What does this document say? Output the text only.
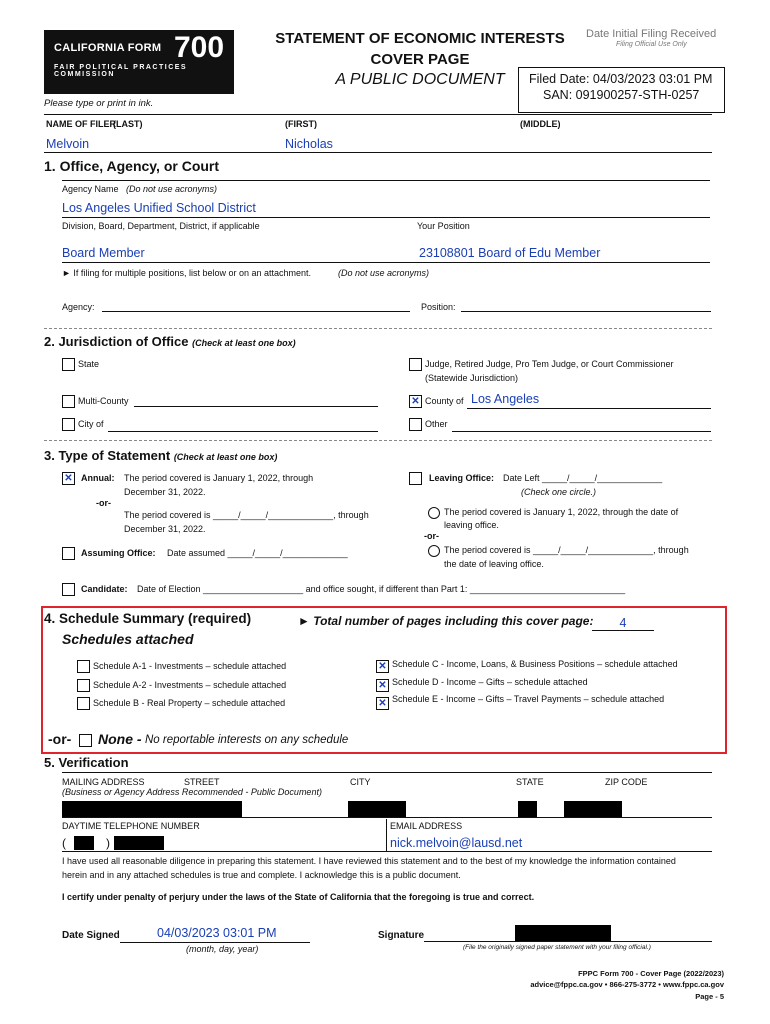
CALIFORNIA FORM 700
FAIR POLITICAL PRACTICES COMMISSION
STATEMENT OF ECONOMIC INTERESTS
COVER PAGE
A PUBLIC DOCUMENT
Date Initial Filing Received
Filing Official Use Only
Filed Date: 04/03/2023 03:01 PM
SAN: 091900257-STH-0257
Please type or print in ink.
NAME OF FILER
(LAST)	(FIRST)	(MIDDLE)
Melvoin	Nicholas
1. Office, Agency, or Court
Agency Name (Do not use acronyms)
Los Angeles Unified School District
Division, Board, Department, District, if applicable	Your Position
Board Member	23108801 Board of Edu Member
► If filing for multiple positions, list below or on an attachment.	(Do not use acronyms)
Agency:	Position:
2. Jurisdiction of Office (Check at least one box)
State	Judge, Retired Judge, Pro Tem Judge, or Court Commissioner
(Statewide Jurisdiction)
Multi-County	✕ County of Los Angeles
City of	Other
3. Type of Statement (Check at least one box)
✕ Annual: The period covered is January 1, 2022, through
December 31, 2022.
-or-
The period covered is _____/_____/_____________, through
December 31, 2022.
Leaving Office: Date Left _____/_____/_____________
(Check one circle.)
The period covered is January 1, 2022, through the date of
leaving office.
-or-
The period covered is _____/_____/_____________, through
the date of leaving office.
Assuming Office: Date assumed _____/_____/_____________
Candidate: Date of Election ____________________ and office sought, if different than Part 1: _______________________________
4. Schedule Summary (required)	► Total number of pages including this cover page:	4
Schedules attached
Schedule A-1 - Investments – schedule attached
Schedule A-2 - Investments – schedule attached
Schedule B - Real Property – schedule attached
✕ Schedule C - Income, Loans, & Business Positions – schedule attached
✕ Schedule D - Income – Gifts – schedule attached
✕ Schedule E - Income – Gifts – Travel Payments – schedule attached
-or- None - No reportable interests on any schedule
5. Verification
MAILING ADDRESS	STREET	CITY	STATE	ZIP CODE
(Business or Agency Address Recommended - Public Document)
DAYTIME TELEPHONE NUMBER	EMAIL ADDRESS
(	)	nick.melvoin@lausd.net
I have used all reasonable diligence in preparing this statement. I have reviewed this statement and to the best of my knowledge the information contained
herein and in any attached schedules is true and complete. I acknowledge this is a public document.
I certify under penalty of perjury under the laws of the State of California that the foregoing is true and correct.
Date Signed	04/03/2023 03:01 PM
(month, day, year)
Signature
(File the originally signed paper statement with your filing official.)
FPPC Form 700 - Cover Page (2022/2023)
advice@fppc.ca.gov • 866-275-3772 • www.fppc.ca.gov
Page - 5
